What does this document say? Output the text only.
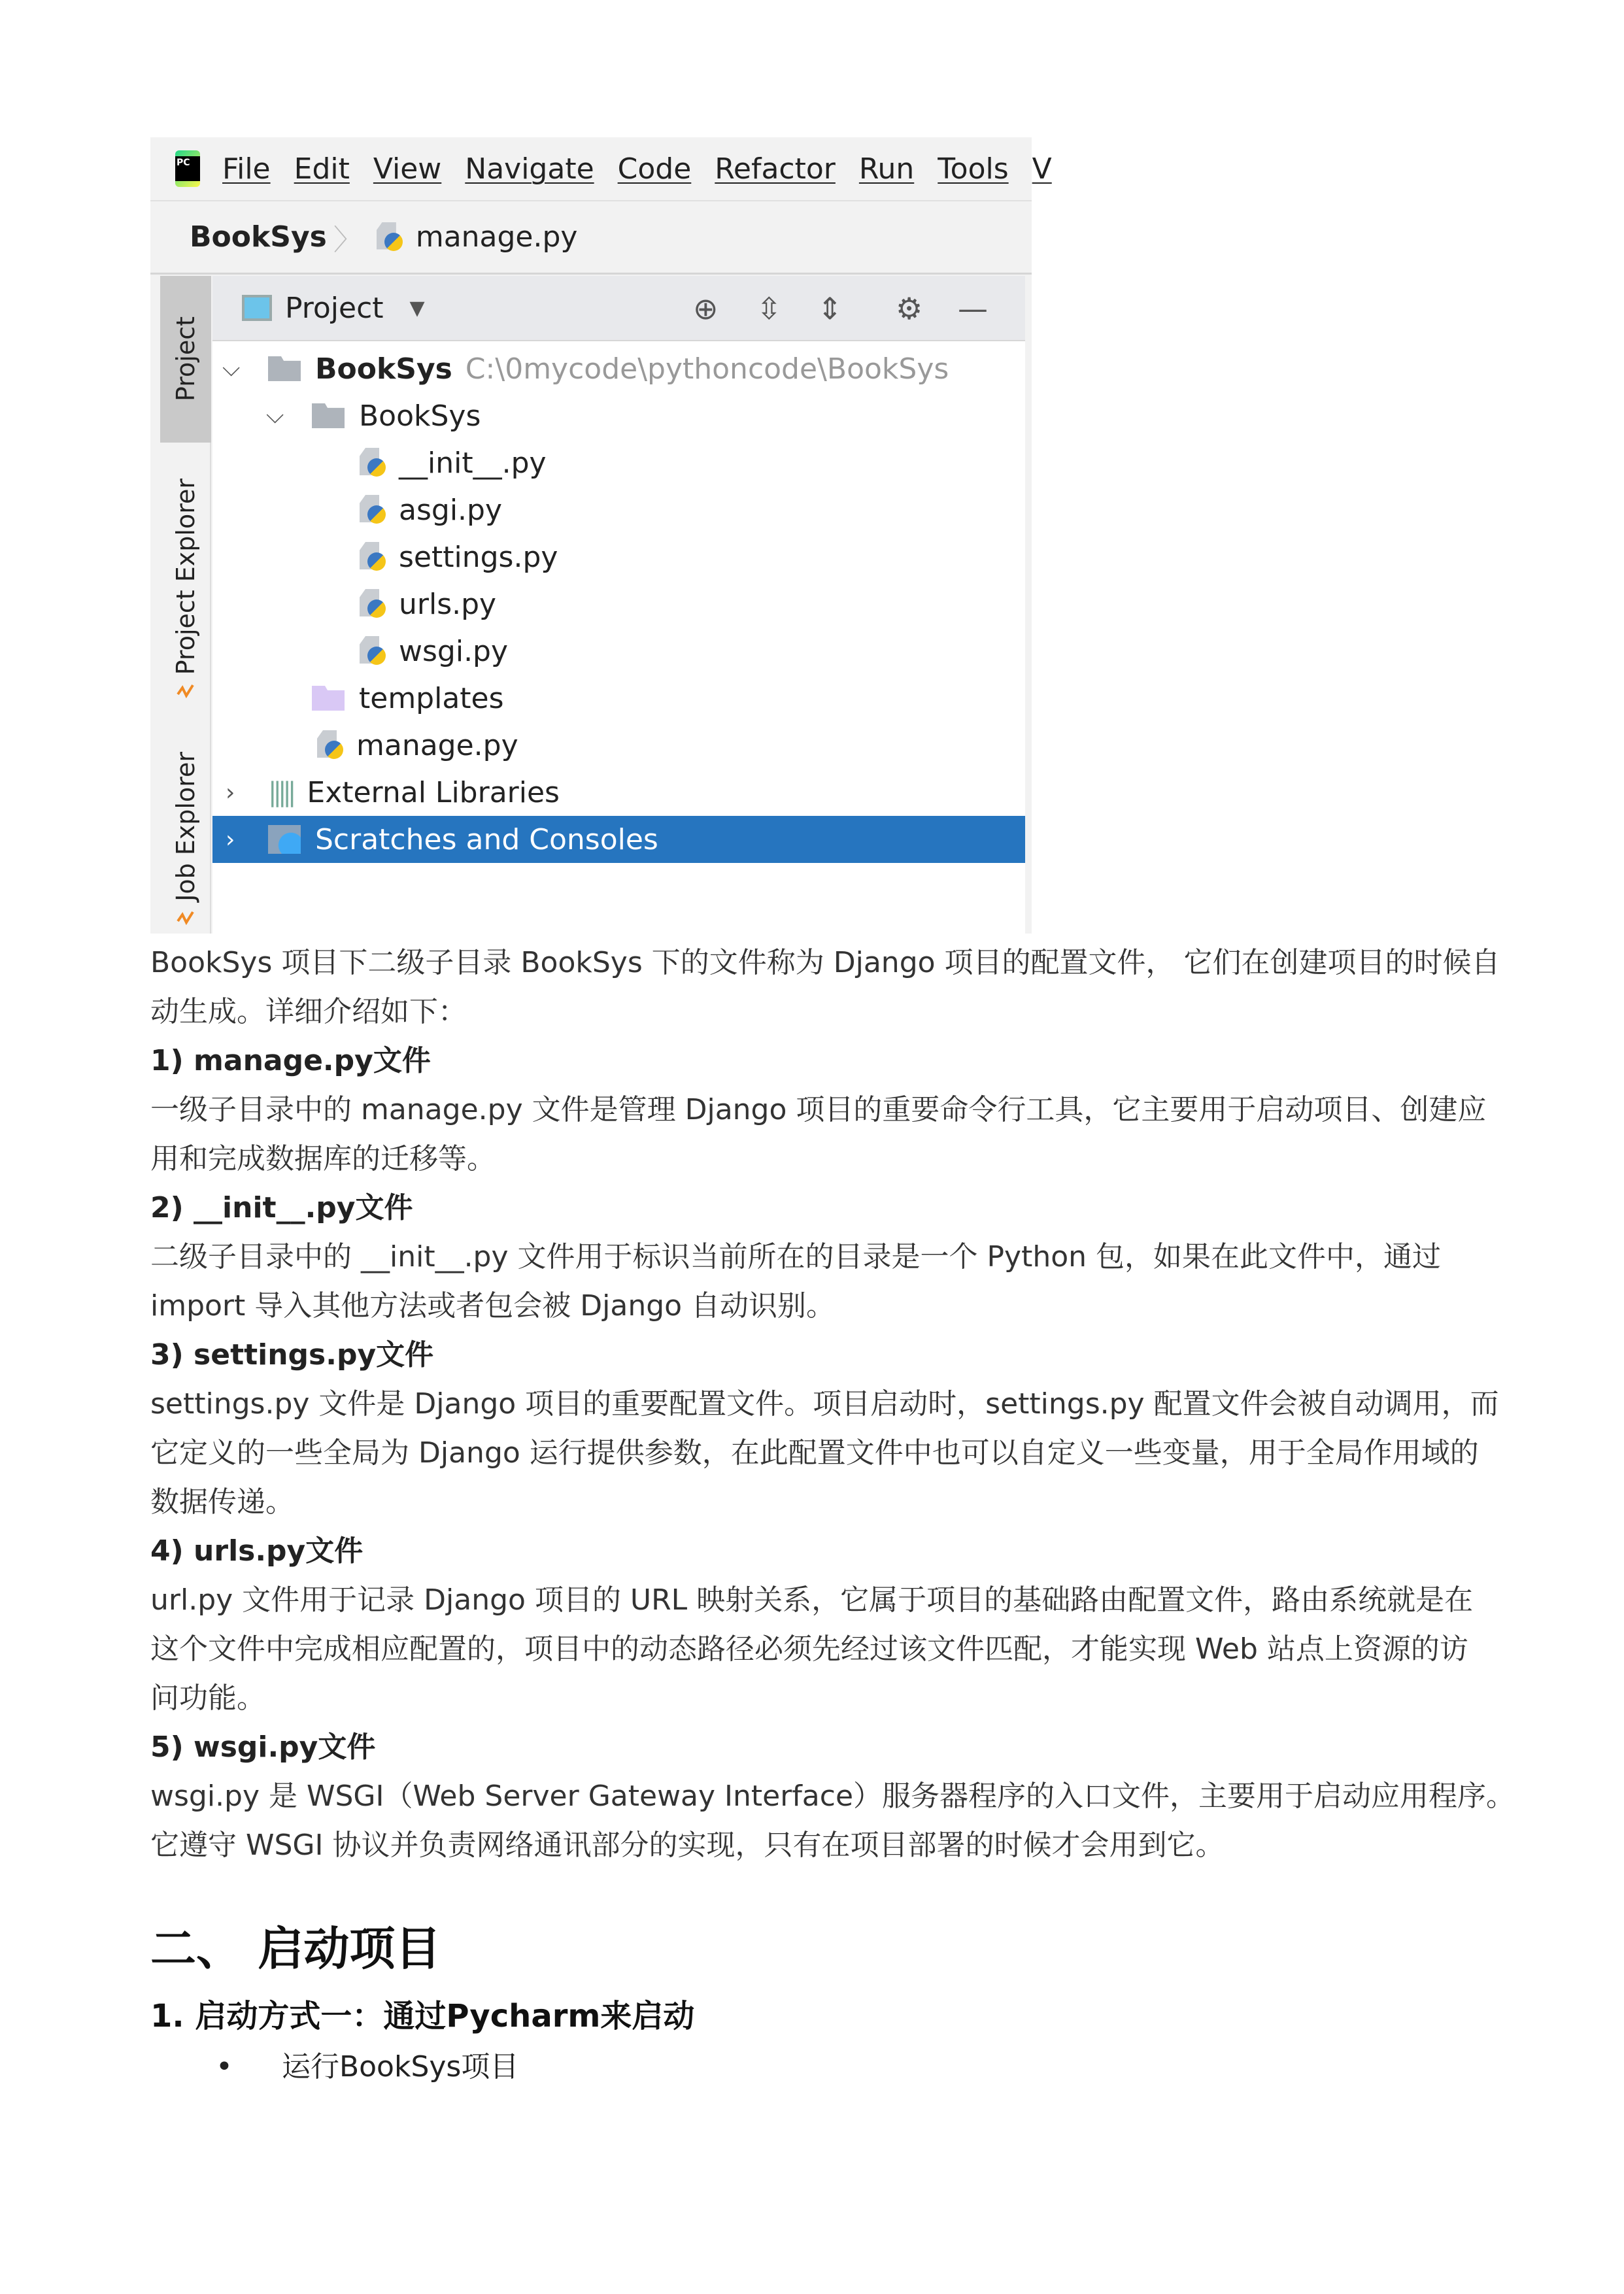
PC	File Edit View Navigate Code Refactor Run Tools V
BookSys 〉 manage.py
Project
Project Explorer
Job Explorer
Project ▼	⊕ ⇳ ⇕ ⚙ —
⌵	BookSys C:\0mycode\pythoncode\BookSys
⌵	BookSys
__init__.py
asgi.py
settings.py
urls.py
wsgi.py
templates
manage.py
› ||||| External Libraries
›	Scratches and Consoles

BookSys 项目下二级子目录 BookSys 下的文件称为 Django 项目的配置文件， 它们在创建项目的时候自

动生成。详细介绍如下：

1) manage.py文件

一级子目录中的 manage.py 文件是管理 Django 项目的重要命令行工具，它主要用于启动项目、创建应

用和完成数据库的迁移等。

2) __init__.py文件

二级子目录中的 __init__.py 文件用于标识当前所在的目录是一个 Python 包，如果在此文件中，通过

import 导入其他方法或者包会被 Django 自动识别。

3) settings.py文件

settings.py 文件是 Django 项目的重要配置文件。项目启动时，settings.py 配置文件会被自动调用，而

它定义的一些全局为 Django 运行提供参数，在此配置文件中也可以自定义一些变量，用于全局作用域的

数据传递。

4) urls.py文件

url.py 文件用于记录 Django 项目的 URL 映射关系，它属于项目的基础路由配置文件，路由系统就是在

这个文件中完成相应配置的，项目中的动态路径必须先经过该文件匹配，才能实现 Web 站点上资源的访

问功能。

5) wsgi.py文件

wsgi.py 是 WSGI（Web Server Gateway Interface）服务器程序的入口文件，主要用于启动应用程序。

它遵守 WSGI 协议并负责网络通讯部分的实现，只有在项目部署的时候才会用到它。

二、 启动项目
1. 启动方式一：通过Pycharm来启动
• 运行BookSys项目
